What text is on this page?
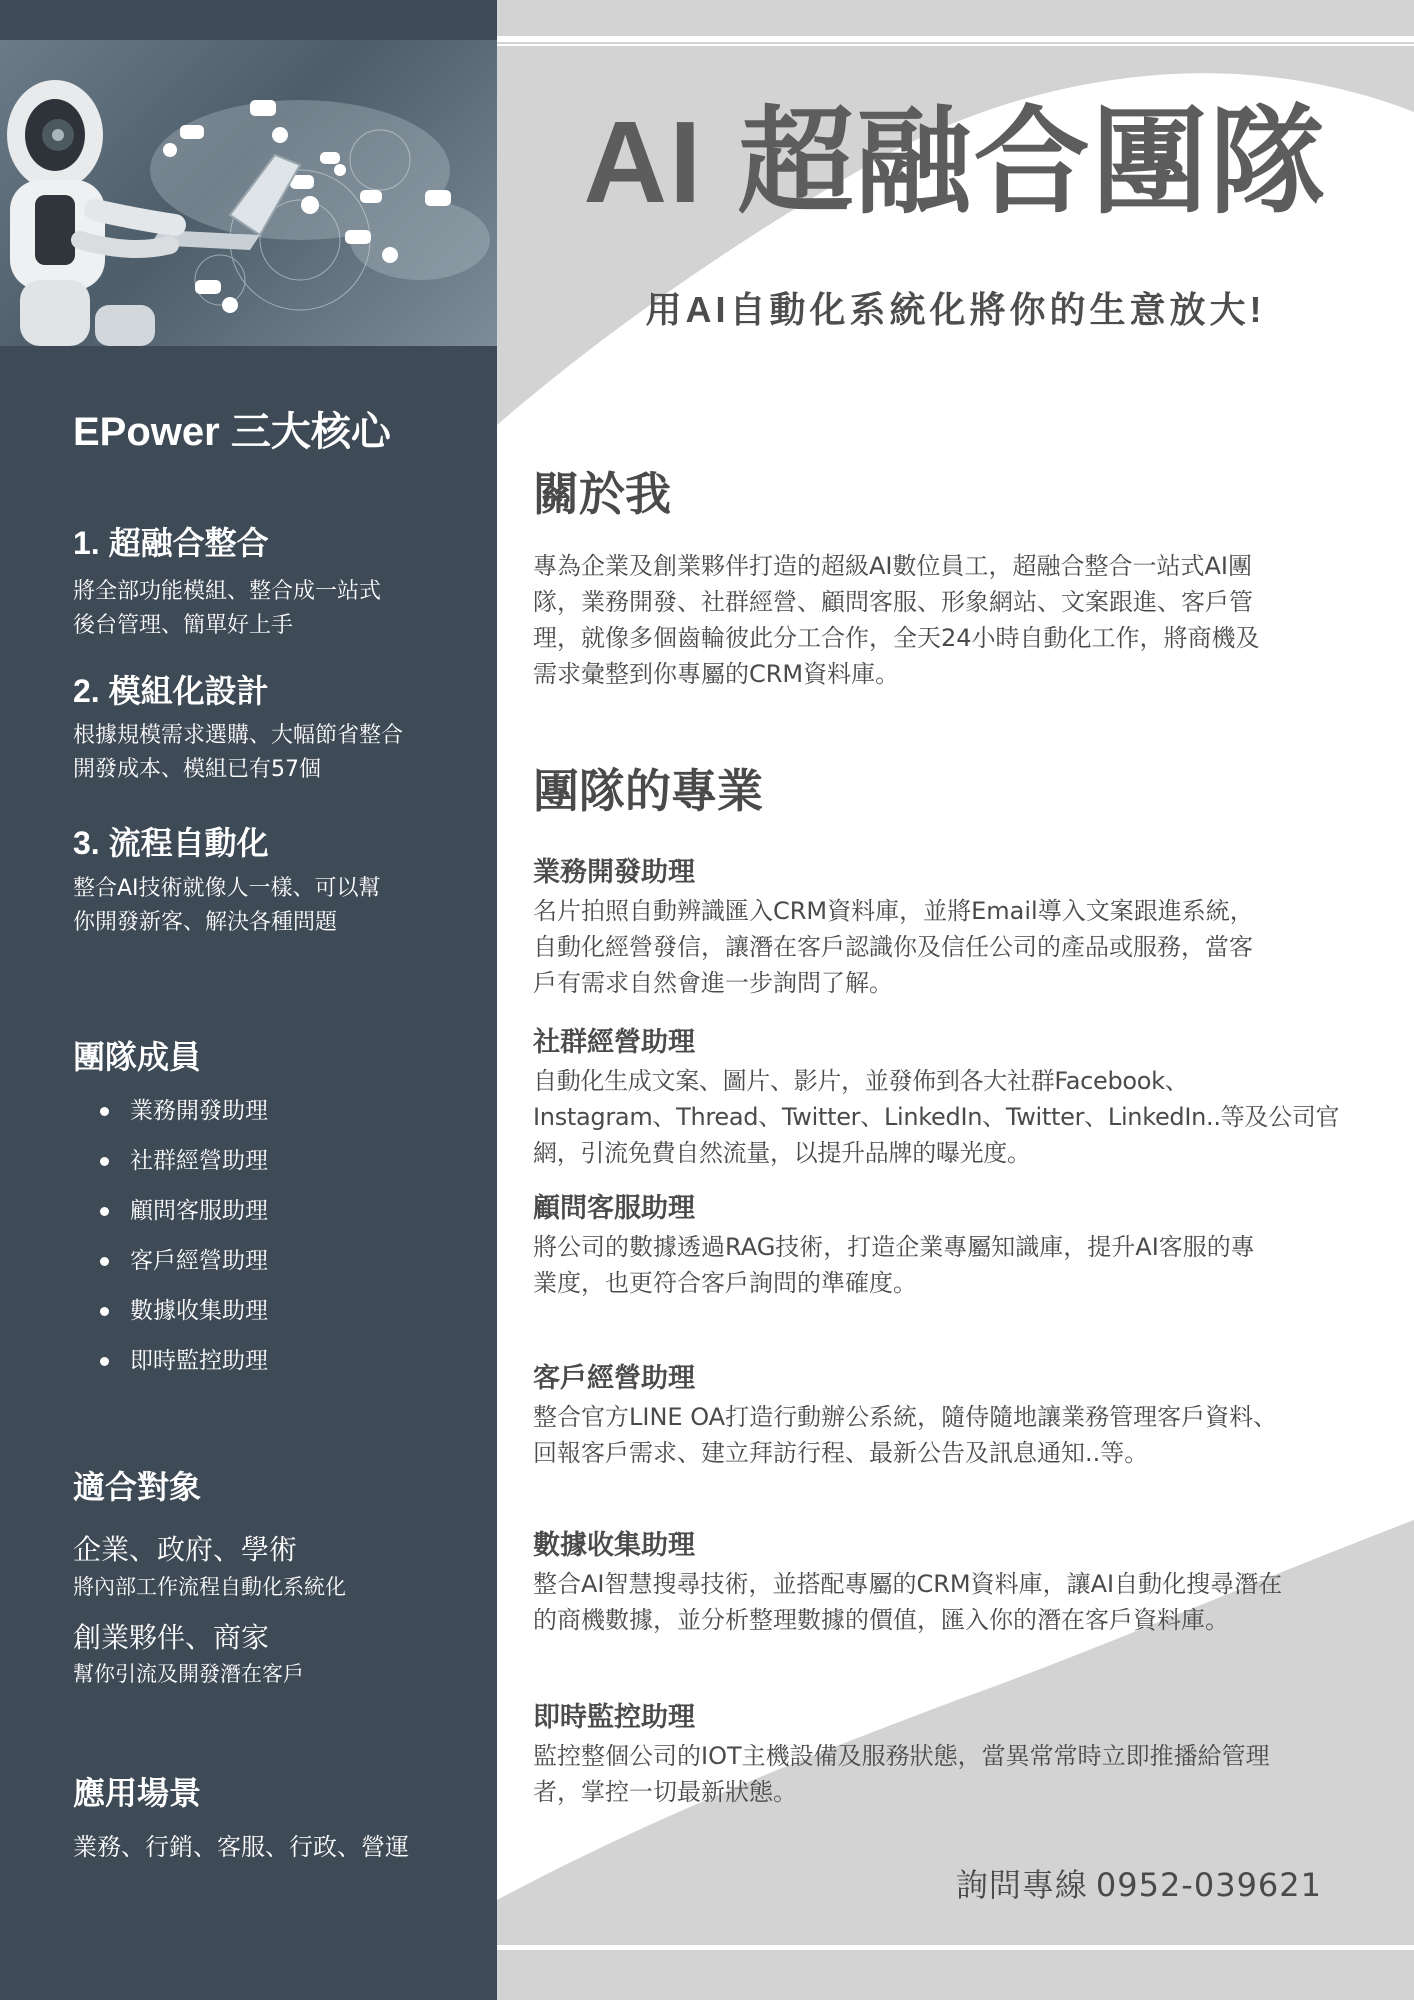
EPower 三大核心
1. 超融合整合
將全部功能模組、整合成一站式
後台管理、簡單好上手
2. 模組化設計
根據規模需求選購、大幅節省整合
開發成本、模組已有57個
3. 流程自動化
整合AI技術就像人一樣、可以幫
你開發新客、解決各種問題
團隊成員
業務開發助理
社群經營助理
顧問客服助理
客戶經營助理
數據收集助理
即時監控助理
適合對象
企業、政府、學術
將內部工作流程自動化系統化
創業夥伴、商家
幫你引流及開發潛在客戶
應用場景
業務、行銷、客服、行政、營運
AI 超融合團隊
用AI自動化系統化將你的生意放大!
關於我
專為企業及創業夥伴打造的超級AI數位員工，超融合整合一站式AI團
隊，業務開發、社群經營、顧問客服、形象網站、文案跟進、客戶管
理，就像多個齒輪彼此分工合作，全天24小時自動化工作，將商機及
需求彙整到你專屬的CRM資料庫。
團隊的專業
業務開發助理
名片拍照自動辨識匯入CRM資料庫，並將Email導入文案跟進系統，
自動化經營發信，讓潛在客戶認識你及信任公司的產品或服務，當客
戶有需求自然會進一步詢問了解。
社群經營助理
自動化生成文案、圖片、影片，並發佈到各大社群Facebook、
Instagram、Thread、Twitter、LinkedIn、Twitter、LinkedIn..等及公司官
網，引流免費自然流量，以提升品牌的曝光度。
顧問客服助理
將公司的數據透過RAG技術，打造企業專屬知識庫，提升AI客服的專
業度，也更符合客戶詢問的準確度。
客戶經營助理
整合官方LINE OA打造行動辦公系統，隨侍隨地讓業務管理客戶資料、
回報客戶需求、建立拜訪行程、最新公告及訊息通知..等。
數據收集助理
整合AI智慧搜尋技術，並搭配專屬的CRM資料庫，讓AI自動化搜尋潛在
的商機數據，並分析整理數據的價值，匯入你的潛在客戶資料庫。
即時監控助理
監控整個公司的IOT主機設備及服務狀態，當異常常時立即推播給管理
者，掌控一切最新狀態。
詢問專線 0952-039621
